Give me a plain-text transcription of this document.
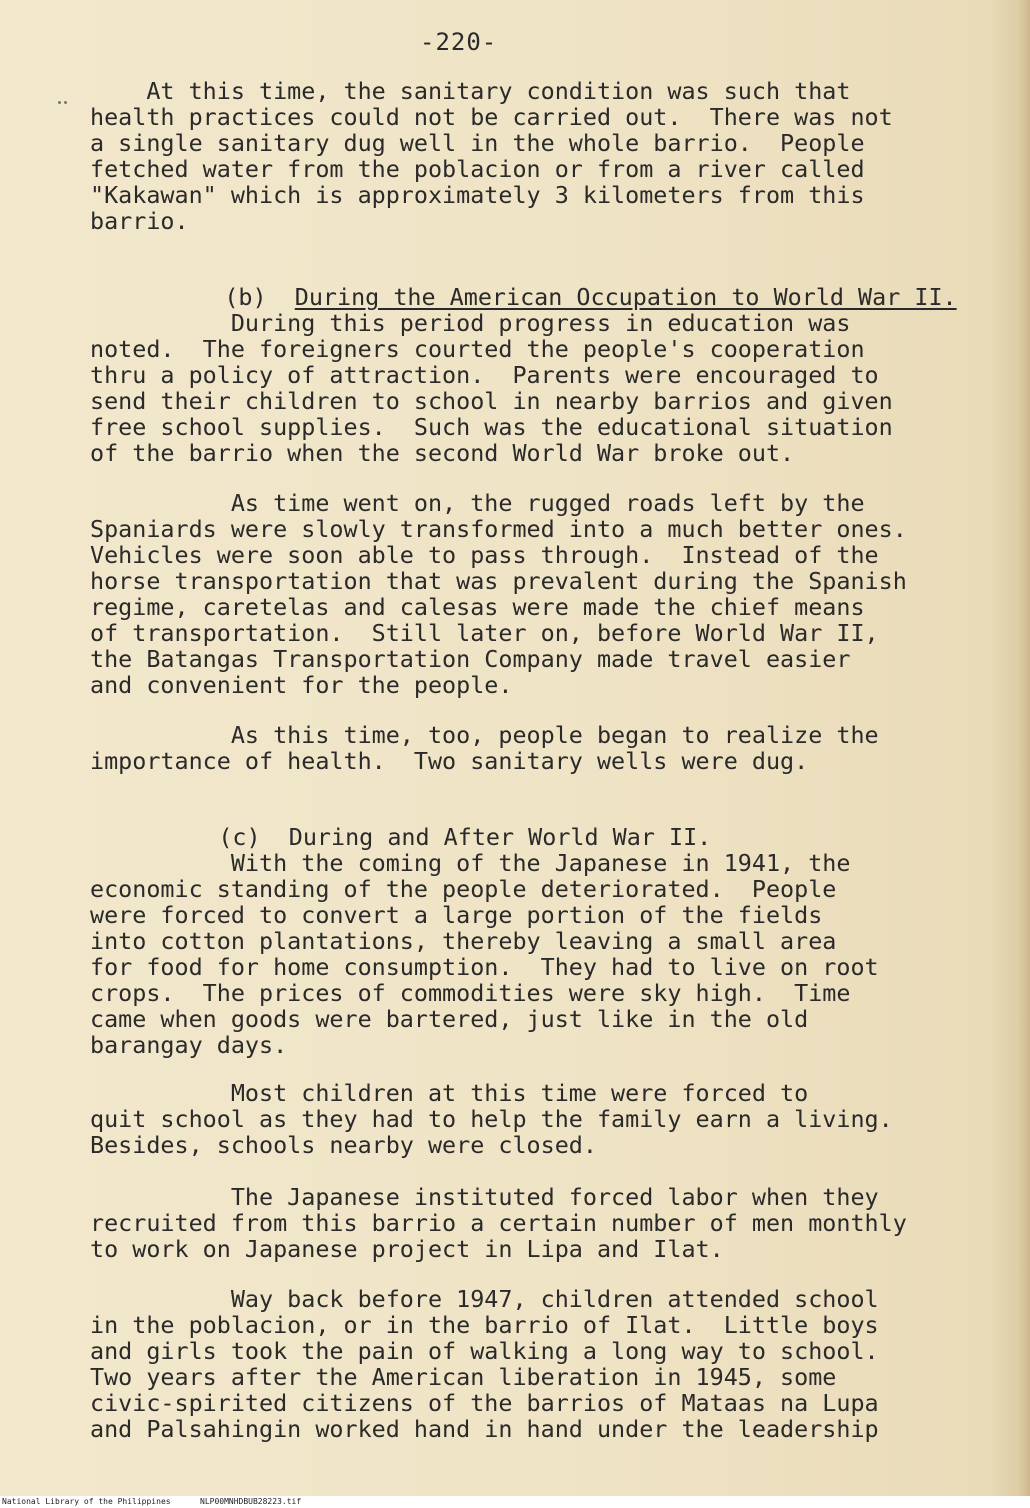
-220-
At this time, the sanitary condition was such that
health practices could not be carried out.  There was not
a single sanitary dug well in the whole barrio.  People
fetched water from the poblacion or from a river called
"Kakawan" which is approximately 3 kilometers from this
barrio.

(b) During the American Occupation to World War II.

During this period progress in education was
noted.  The foreigners courted the people's cooperation
thru a policy of attraction.  Parents were encouraged to
send their children to school in nearby barrios and given
free school supplies.  Such was the educational situation
of the barrio when the second World War broke out.
As time went on, the rugged roads left by the
Spaniards were slowly transformed into a much better ones.
Vehicles were soon able to pass through.  Instead of the
horse transportation that was prevalent during the Spanish
regime, caretelas and calesas were made the chief means
of transportation.  Still later on, before World War II,
the Batangas Transportation Company made travel easier
and convenient for the people.
As this time, too, people began to realize the
importance of health.  Two sanitary wells were dug.

(c) During and After World War II.

With the coming of the Japanese in 1941, the
economic standing of the people deteriorated.  People
were forced to convert a large portion of the fields
into cotton plantations, thereby leaving a small area
for food for home consumption.  They had to live on root
crops.  The prices of commodities were sky high.  Time
came when goods were bartered, just like in the old
barangay days.
Most children at this time were forced to
quit school as they had to help the family earn a living.
Besides, schools nearby were closed.
The Japanese instituted forced labor when they
recruited from this barrio a certain number of men monthly
to work on Japanese project in Lipa and Ilat.
Way back before 1947, children attended school
in the poblacion, or in the barrio of Ilat.  Little boys
and girls took the pain of walking a long way to school.
Two years after the American liberation in 1945, some
civic-spirited citizens of the barrios of Mataas na Lupa
and Palsahingin worked hand in hand under the leadership
National Library of the Philippines	NLP00MNHDBUB28223.tif
